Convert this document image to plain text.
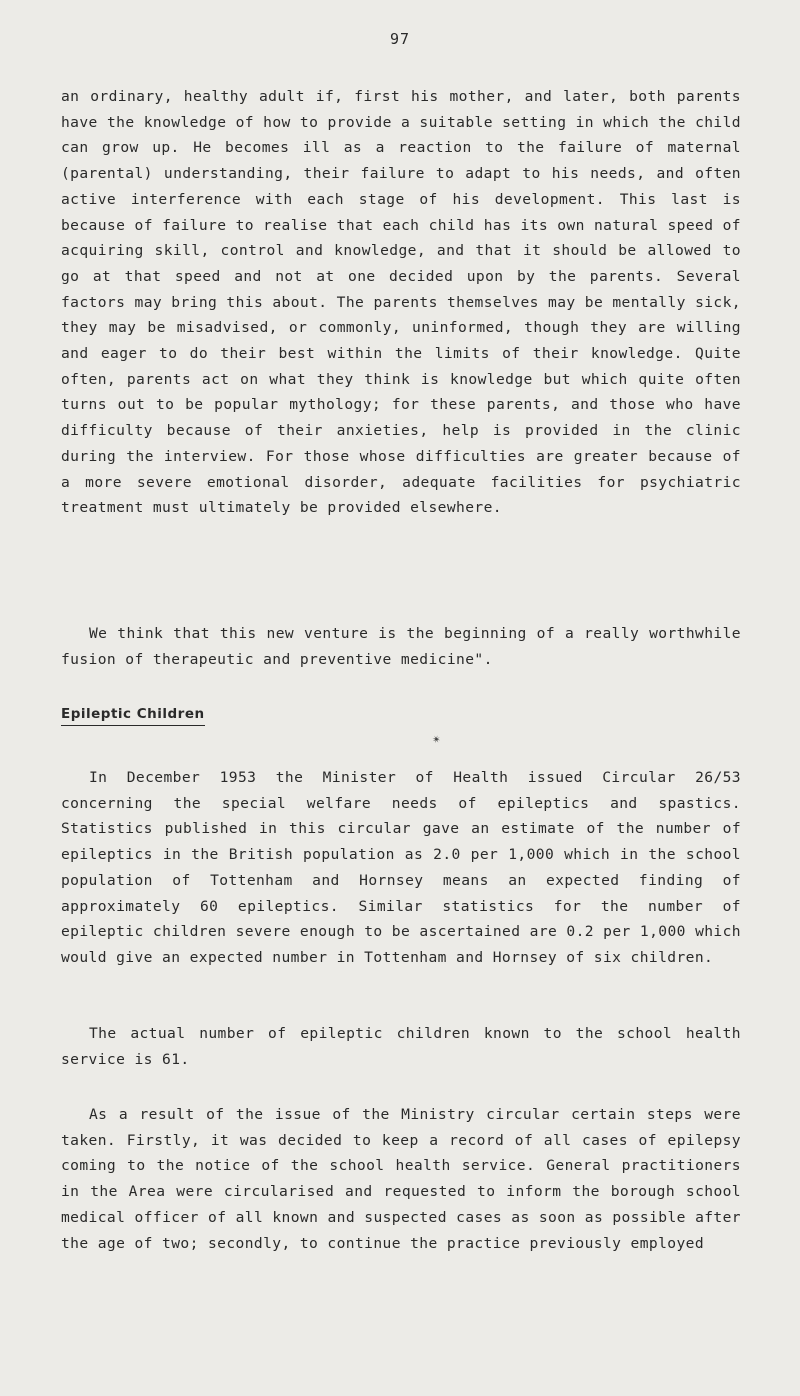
97

an ordinary, healthy adult if, first his mother, and later, both parents have the knowledge of how to provide a suitable setting in which the child can grow up. He becomes ill as a reaction to the failure of maternal (parental) understanding, their failure to adapt to his needs, and often active interference with each stage of his development. This last is because of failure to realise that each child has its own natural speed of acquiring skill, control and knowledge, and that it should be allowed to go at that speed and not at one decided upon by the parents. Several factors may bring this about. The parents themselves may be mentally sick, they may be misadvised, or commonly, uninformed, though they are willing and eager to do their best within the limits of their knowledge. Quite often, parents act on what they think is knowledge but which quite often turns out to be popular mythology; for these parents, and those who have difficulty because of their anxieties, help is provided in the clinic during the interview. For those whose difficulties are greater because of a more severe emotional disorder, adequate facilities for psychiatric treatment must ultimately be provided elsewhere.

We think that this new venture is the beginning of a really worthwhile fusion of therapeutic and preventive medicine".

Epileptic Children
✴

In December 1953 the Minister of Health issued Circular 26/53 concerning the special welfare needs of epileptics and spastics. Statistics published in this circular gave an estimate of the number of epileptics in the British population as 2.0 per 1,000 which in the school population of Tottenham and Hornsey means an expected finding of approximately 60 epileptics. Similar statistics for the number of epileptic children severe enough to be ascertained are 0.2 per 1,000 which would give an expected number in Tottenham and Hornsey of six children.

The actual number of epileptic children known to the school health service is 61.

As a result of the issue of the Ministry circular certain steps were taken. Firstly, it was decided to keep a record of all cases of epilepsy coming to the notice of the school health service. General practitioners in the Area were circularised and requested to inform the borough school medical officer of all known and suspected cases as soon as possible after the age of two; secondly, to continue the practice previously employed
